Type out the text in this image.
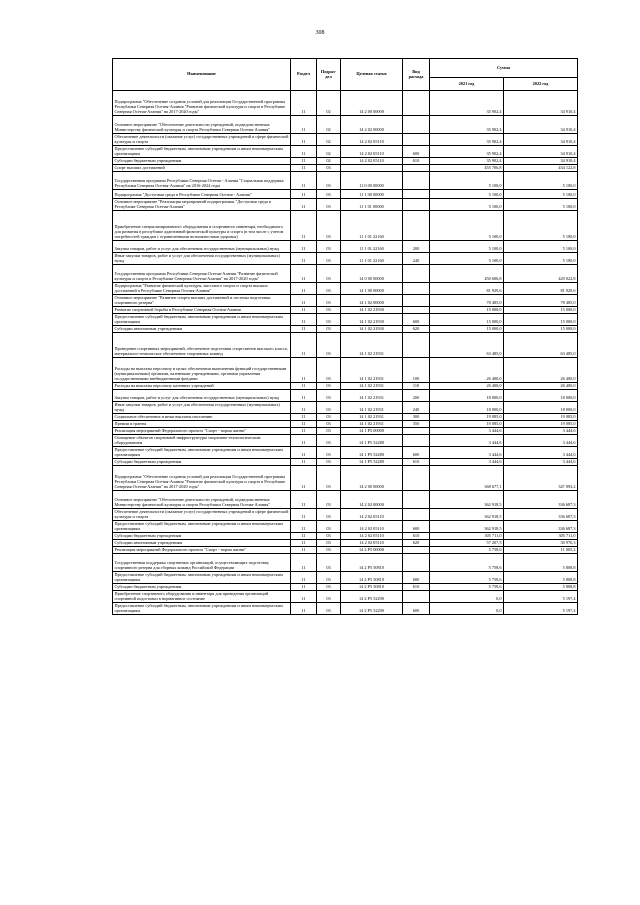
308
Наименование	Раздел	Подраз-дел	Целевая статья	Вид расхода	Сумма	
					2021 год	2022 год
Подпрограмма "Обеспечение создания условий для реализации Государственной программы Республики Северная Осетия-Алания "Развитие физической культуры и спорта в Республике Северная Осетия-Алания" на 2017-2020 годы"	11	02	14 2 00 00000		35 902,4	34 910,4
Основное мероприятие "Обеспечение деятельности учреждений, подведомственных Министерству физической культуры и спорта Республики Северная Осетия-Алания"	11	02	14 2 02 00000		35 902,4	34 910,4
Обеспечение деятельности (оказание услуг) государственных учреждений в сфере физической культуры и спорта	11	02	14 2 02 05110		35 902,4	34 910,4
Предоставление субсидий бюджетным, автономным учреждениям и иным некоммерческим организациям	11	02	14 2 02 05110	600	35 902,4	34 910,4
Субсидии бюджетным учреждениям	11	02	14 2 02 05110	610	35 902,4	34 910,4
Спорт высших достижений	11	03			455 706,8	434 122,8
Государственная программа Республики Северная Осетия - Алания "Социальная поддержка Республики Северная Осетия-Алания" на 2016-2024 годы	11	03	11 0 00 00000		5 100,0	5 100,0
Подпрограмма "Доступная среда в Республике Северная Осетия - Алания"	11	03	11 1 00 00000		5 100,0	5 100,0
Основное мероприятие "Реализация мероприятий подпрограммы "Доступная среда в Республике Северная Осетия-Алания"	11	03	11 1 01 00000		5 100,0	5 100,0
Приобретение специализированного оборудования и спортивного инвентаря, необходимого для развития в республике адаптивной физической культуры и спорта (в том числе с учетом потребностей граждан с ограниченными возможностями здоровья)	11	03	11 1 01 22160		5 100,0	5 100,0
Закупка товаров, работ и услуг для обеспечения государственных (муниципальных) нужд	11	03	11 1 01 22160	200	5 100,0	5 100,0
Иные закупки товаров, работ и услуг для обеспечения государственных (муниципальных) нужд	11	03	11 1 01 22160	240	5 100,0	5 100,0
Государственная программа Республики Северная Осетия-Алания "Развитие физической культуры и спорта в Республике Северная Осетия-Алания" на 2017-2020 годы"	11	03	14 0 00 00000		450 606,8	429 022,8
Подпрограмма "Развитие физической культуры, массового спорта и спорта высших достижений в Республике Северная Осетия-Алания"	11	03	14 1 00 00000		81 929,6	81 929,6
Основное мероприятие "Развитие спорта высших достижений и системы подготовки спортивного резерва"	11	03	14 1 02 00000		78 485,0	78 485,0
Развитие спортивной борьбы в Республике Северная Осетия-Алания	11	03	14 1 02 21930		15 000,0	15 000,0
Предоставление субсидий бюджетным, автономным учреждениям и иным некоммерческим организациям	11	03	14 1 02 21930	600	15 000,0	15 000,0
Субсидии автономным учреждениям	11	03	14 1 02 21930	620	15 000,0	15 000,0
Проведение спортивных мероприятий, обеспечение подготовки спортсменов высокого класса, материально-техническое обеспечение спортивных команд	11	03	14 1 02 21931		63 485,0	63 485,0
Расходы на выплаты персоналу в целях обеспечения выполнения функций государственными (муниципальными) органами, казенными учреждениями, органами управления государственными внебюджетными фондами	11	03	14 1 02 21931	100	26 400,0	26 400,0
Расходы на выплаты персоналу казенных учреждений	11	03	14 1 02 21931	110	26 400,0	26 400,0
Закупка товаров, работ и услуг для обеспечения государственных (муниципальных) нужд	11	03	14 1 02 21931	200	18 000,0	18 000,0
Иные закупки товаров, работ и услуг для обеспечения государственных (муниципальных) нужд	11	03	14 1 02 21931	240	18 000,0	18 000,0
Социальное обеспечение и иные выплаты населению	11	03	14 1 02 21931	300	19 085,0	19 085,0
Премии и гранты	11	03	14 1 02 21931	350	19 085,0	19 085,0
Реализация мероприятий Федерального проекта "Спорт - норма жизни"	11	03	14 1 P5 00000		3 444,6	3 444,6
Оснащение объектов спортивной инфраструктуры спортивно-технологическим оборудованием	11	03	14 1 P5 52280		3 444,6	3 444,6
Предоставление субсидий бюджетным, автономным учреждениям и иным некоммерческим организациям	11	03	14 1 P5 52280	600	3 444,6	3 444,6
Субсидии бюджетным учреждениям	11	03	14 1 P5 52280	610	3 444,6	3 444,6
Подпрограмма "Обеспечение создания условий для реализации Государственной программы Республики Северная Осетия-Алания "Развитие физической культуры и спорта в Республике Северная Осетия-Алания" на 2017-2020 годы"	11	03	14 2 00 00000		368 677,1	347 093,2
Основное мероприятие "Обеспечение деятельности учреждений, подведомственных Министерству физической культуры и спорта Республики Северная Осетия-Алания"	11	03	14 2 02 00000		362 918,5	336 687,3
Обеспечение деятельности (оказание услуг) государственных учреждений в сфере физической культуры и спорта	11	03	14 2 02 05110		362 918,5	336 687,3
Предоставление субсидий бюджетным, автономным учреждениям и иным некоммерческим организациям	11	03	14 2 02 05110	600	362 918,5	336 687,3
Субсидии бюджетным учреждениям	11	03	14 2 02 05110	610	305 711,0	305 711,0
Субсидии автономным учреждениям	11	03	14 2 02 05110	620	57 207,5	30 976,3
Реализация мероприятий Федерального проекта "Спорт - норма жизни"	11	03	14 2 P5 00000		5 758,6	11 005,2
Государственная поддержка спортивных организаций, осуществляющих подготовку спортивного резерва для сборных команд Российской Федерации	11	03	14 2 P5 50810		5 758,6	5 808,8
Предоставление субсидий бюджетным, автономным учреждениям и иным некоммерческим организациям	11	03	14 2 P5 50810	600	5 758,6	5 808,8
Субсидии бюджетным учреждениям	11	03	14 2 P5 50810	610	5 758,6	5 808,8
Приобретение спортивного оборудования и инвентаря для приведения организаций спортивной подготовки в нормативное состояние	11	03	14 2 P5 52290		0,0	5 197,4
Предоставление субсидий бюджетным, автономным учреждениям и иным некоммерческим организациям	11	03	14 2 P5 52290	600	0,0	5 197,4
